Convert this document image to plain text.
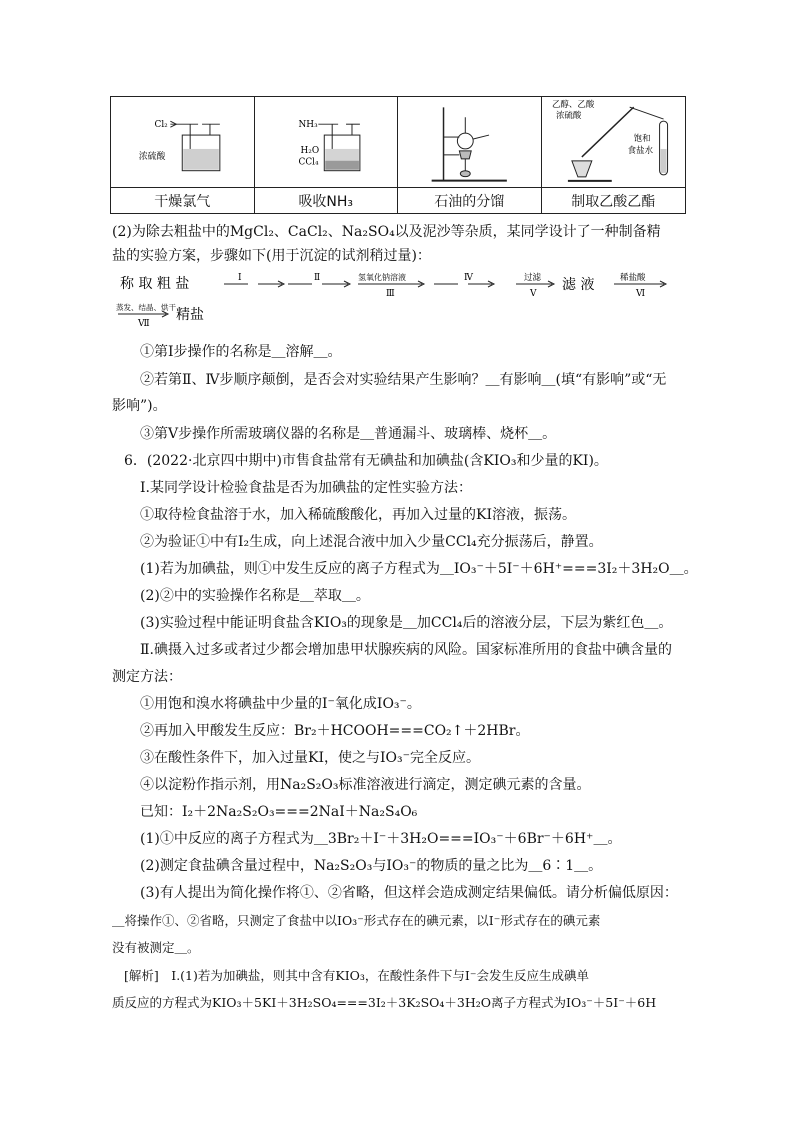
Cl₂
浓硫酸
NH₃
H₂O
CCl₄
乙醇、乙酸
浓硫酸
饱和
食盐水
干燥氯气	吸收NH₃	石油的分馏	制取乙酸乙酯
(2)为除去粗盐中的MgCl₂、CaCl₂、Na₂SO₄以及泥沙等杂质，某同学设计了一种制备精
盐的实验方案，步骤如下(用于沉淀的试剂稍过量)：
称 取 粗 盐	Ⅰ	Ⅱ	氢氧化钠溶液
Ⅲ
Ⅳ	过滤
Ⅴ
滤 液	稀盐酸
Ⅵ
蒸发、结晶、烘干
Ⅶ
精盐
①第Ⅰ步操作的名称是＿溶解＿。
②若第Ⅱ、Ⅳ步顺序颠倒，是否会对实验结果产生影响？＿有影响＿(填“有影响”或“无
影响”)。
③第Ⅴ步操作所需玻璃仪器的名称是＿普通漏斗、玻璃棒、烧杯＿。
6．(2022·北京四中期中)市售食盐常有无碘盐和加碘盐(含KIO₃和少量的KI)。
Ⅰ.某同学设计检验食盐是否为加碘盐的定性实验方法：
①取待检食盐溶于水，加入稀硫酸酸化，再加入过量的KI溶液，振荡。
②为验证①中有I₂生成，向上述混合液中加入少量CCl₄充分振荡后，静置。
(1)若为加碘盐，则①中发生反应的离子方程式为＿IO₃⁻＋5I⁻＋6H⁺===3I₂＋3H₂O＿。
(2)②中的实验操作名称是＿萃取＿。
(3)实验过程中能证明食盐含KIO₃的现象是＿加CCl₄后的溶液分层，下层为紫红色＿。
Ⅱ.碘摄入过多或者过少都会增加患甲状腺疾病的风险。国家标准所用的食盐中碘含量的
测定方法：
①用饱和溴水将碘盐中少量的I⁻氧化成IO₃⁻。
②再加入甲酸发生反应：Br₂＋HCOOH===CO₂↑＋2HBr。
③在酸性条件下，加入过量KI，使之与IO₃⁻完全反应。
④以淀粉作指示剂，用Na₂S₂O₃标准溶液进行滴定，测定碘元素的含量。
已知：I₂＋2Na₂S₂O₃===2NaI＋Na₂S₄O₆
(1)①中反应的离子方程式为＿3Br₂＋I⁻＋3H₂O===IO₃⁻＋6Br⁻＋6H⁺＿。
(2)测定食盐碘含量过程中，Na₂S₂O₃与IO₃⁻的物质的量之比为＿6∶1＿。
(3)有人提出为简化操作将①、②省略，但这样会造成测定结果偏低。请分析偏低原因：
＿将操作①、②省略，只测定了食盐中以IO₃⁻形式存在的碘元素，以I⁻形式存在的碘元素
没有被测定＿。
[解析]　Ⅰ.(1)若为加碘盐，则其中含有KIO₃，在酸性条件下与I⁻会发生反应生成碘单
质反应的方程式为KIO₃＋5KI＋3H₂SO₄===3I₂＋3K₂SO₄＋3H₂O离子方程式为IO₃⁻＋5I⁻＋6H
